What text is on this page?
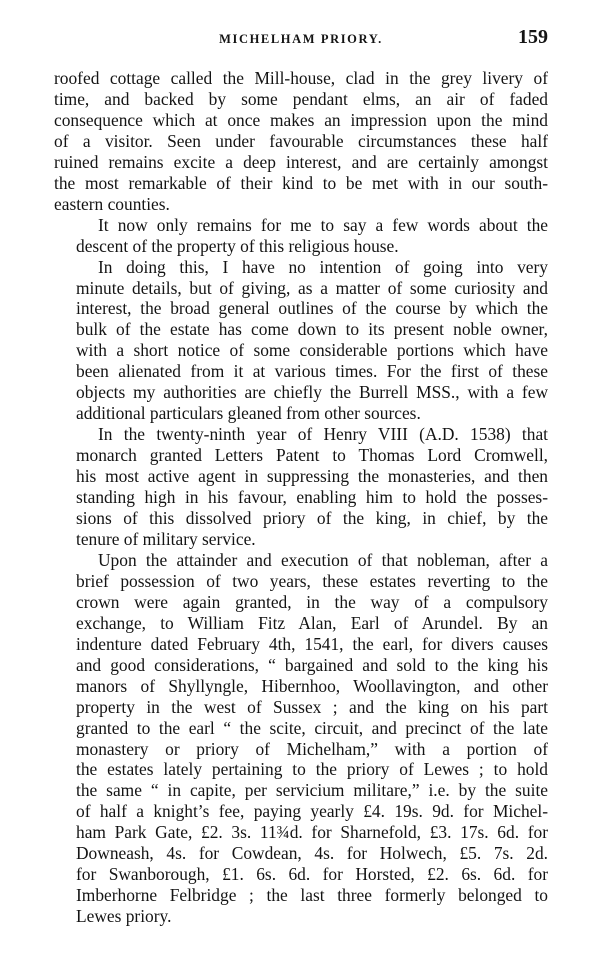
MICHELHAM PRIORY.	159

roofed cottage called the Mill-house, clad in the grey livery of
time, and backed by some pendant elms, an air of faded
consequence which at once makes an impression upon the mind
of a visitor. Seen under favourable circumstances these half
ruined remains excite a deep interest, and are certainly amongst
the most remarkable of their kind to be met with in our south-
eastern counties.

It now only remains for me to say a few words about the
descent of the property of this religious house.

In doing this, I have no intention of going into very
minute details, but of giving, as a matter of some curiosity and
interest, the broad general outlines of the course by which the
bulk of the estate has come down to its present noble owner,
with a short notice of some considerable portions which have
been alienated from it at various times. For the first of these
objects my authorities are chiefly the Burrell MSS., with a few
additional particulars gleaned from other sources.

In the twenty-ninth year of Henry VIII (A.D. 1538) that
monarch granted Letters Patent to Thomas Lord Cromwell,
his most active agent in suppressing the monasteries, and then
standing high in his favour, enabling him to hold the posses-
sions of this dissolved priory of the king, in chief, by the
tenure of military service.

Upon the attainder and execution of that nobleman, after a
brief possession of two years, these estates reverting to the
crown were again granted, in the way of a compulsory
exchange, to William Fitz Alan, Earl of Arundel. By an
indenture dated February 4th, 1541, the earl, for divers causes
and good considerations, “ bargained and sold to the king his
manors of Shyllyngle, Hibernhoo, Woollavington, and other
property in the west of Sussex ; and the king on his part
granted to the earl “ the scite, circuit, and precinct of the late
monastery or priory of Michelham,” with a portion of
the estates lately pertaining to the priory of Lewes ; to hold
the same “ in capite, per servicium militare,” i.e. by the suite
of half a knight’s fee, paying yearly £4. 19s. 9d. for Michel-
ham Park Gate, £2. 3s. 11¾d. for Sharnefold, £3. 17s. 6d. for
Downeash, 4s. for Cowdean, 4s. for Holwech, £5. 7s. 2d.
for Swanborough, £1. 6s. 6d. for Horsted, £2. 6s. 6d. for
Imberhorne Felbridge ; the last three formerly belonged to
Lewes priory.
